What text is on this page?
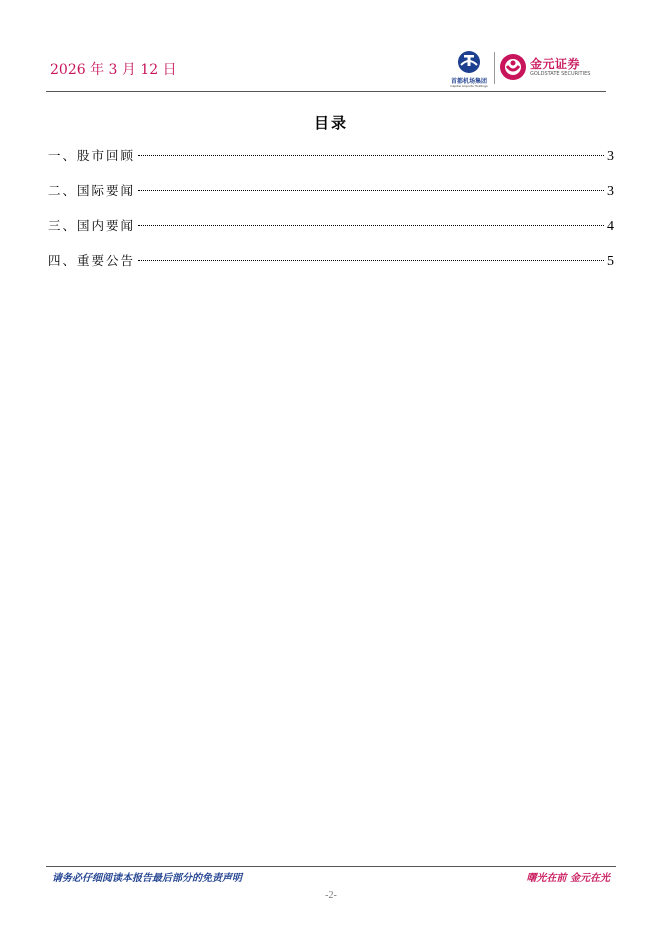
2026 年 3 月 12 日
首都机场集团
Capital Airports Holdings
金元证券
GOLDSTATE SECURITIES
目录
一、股市回顾	3
二、国际要闻	3
三、国内要闻	4
四、重要公告	5
请务必仔细阅读本报告最后部分的免责声明	曙光在前 金元在光
-2-
